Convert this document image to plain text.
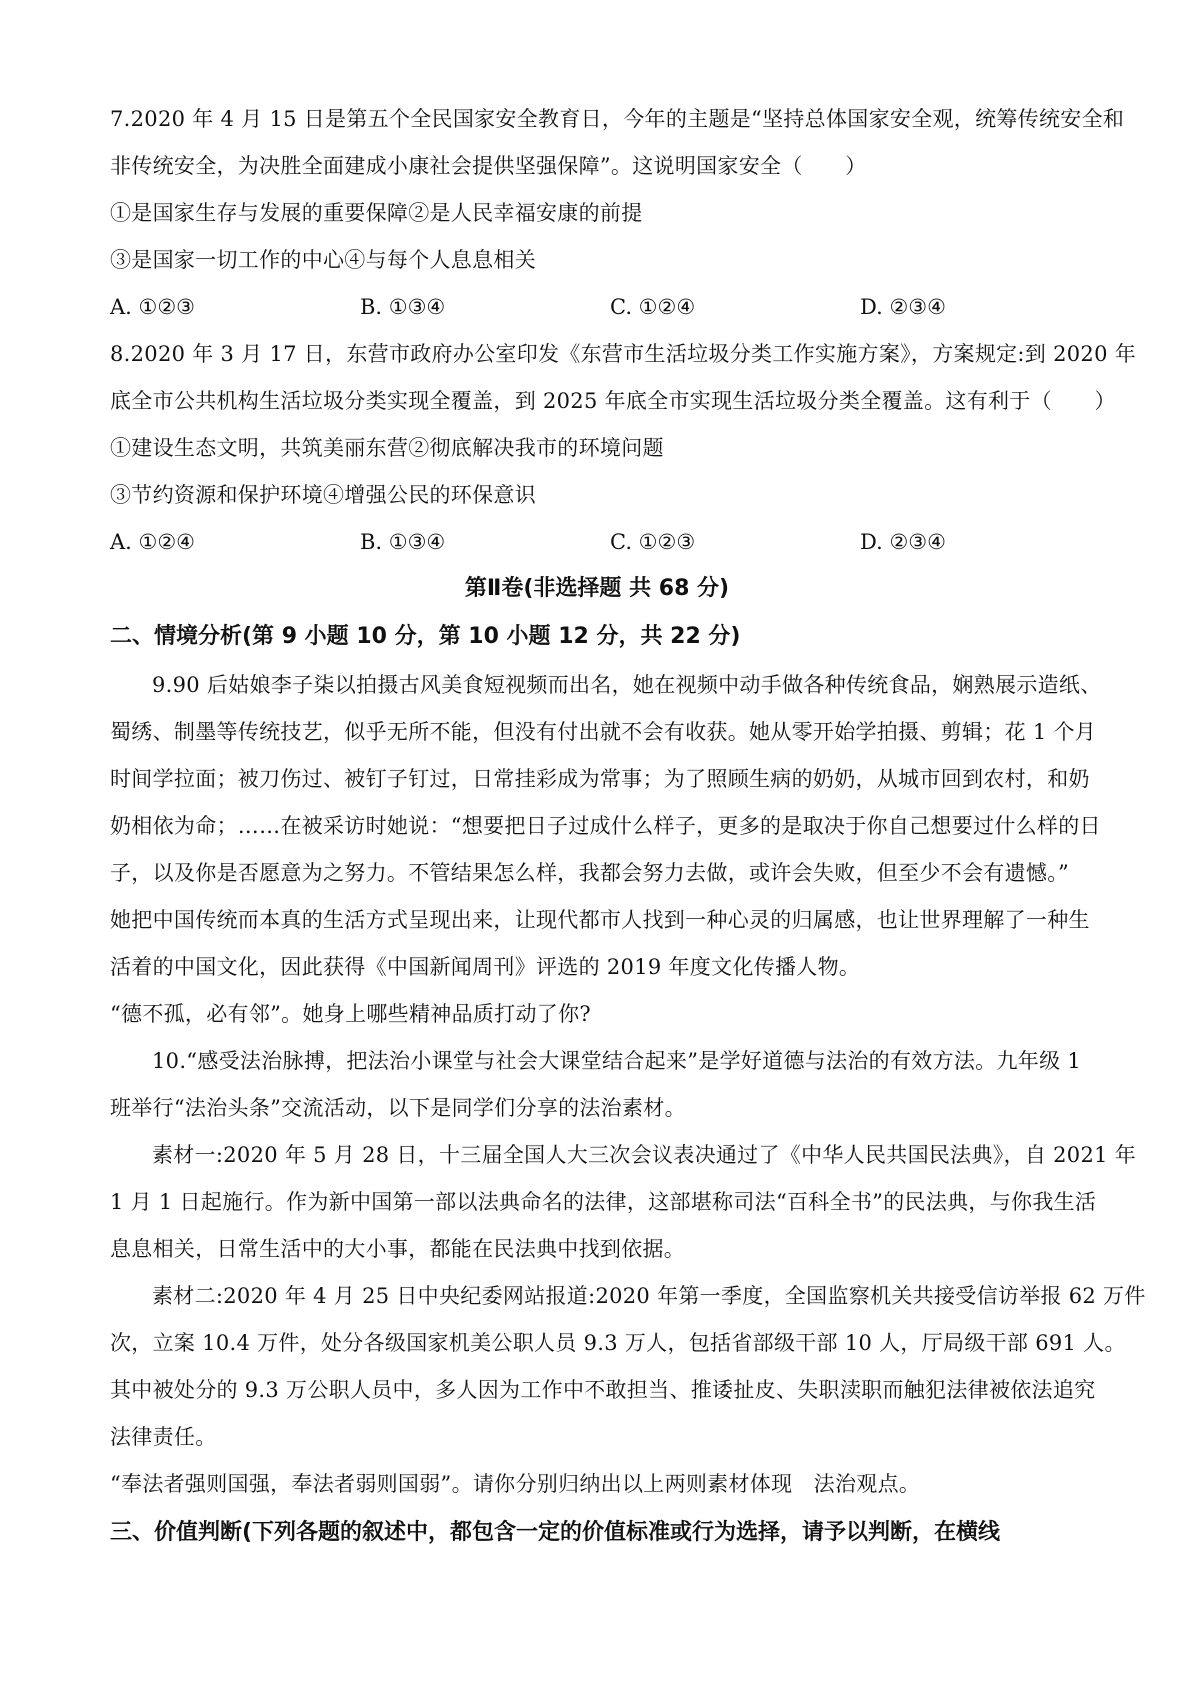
7.2020 年 4 月 15 日是第五个全民国家安全教育日，今年的主题是“坚持总体国家安全观，统筹传统安全和
非传统安全，为决胜全面建成小康社会提供坚强保障”。这说明国家安全（　　）
①是国家生存与发展的重要保障②是人民幸福安康的前提
③是国家一切工作的中心④与每个人息息相关
A. ①②③	B. ①③④	C. ①②④	D. ②③④
8.2020 年 3 月 17 日，东营市政府办公室印发《东营市生活垃圾分类工作实施方案》，方案规定:到 2020 年
底全市公共机构生活垃圾分类实现全覆盖，到 2025 年底全市实现生活垃圾分类全覆盖。这有利于（　　）
①建设生态文明，共筑美丽东营②彻底解决我市的环境问题
③节约资源和保护环境④增强公民的环保意识
A. ①②④	B. ①③④	C. ①②③	D. ②③④
第Ⅱ卷(非选择题 共 68 分)
二、情境分析(第 9 小题 10 分，第 10 小题 12 分，共 22 分)
9.90 后姑娘李子柒以拍摄古风美食短视频而出名，她在视频中动手做各种传统食品，娴熟展示造纸、
蜀绣、制墨等传统技艺，似乎无所不能，但没有付出就不会有收获。她从零开始学拍摄、剪辑；花 1 个月
时间学拉面；被刀伤过、被钉子钉过，日常挂彩成为常事；为了照顾生病的奶奶，从城市回到农村，和奶
奶相依为命；……在被采访时她说：“想要把日子过成什么样子，更多的是取决于你自己想要过什么样的日
子，以及你是否愿意为之努力。不管结果怎么样，我都会努力去做，或许会失败，但至少不会有遗憾。”
她把中国传统而本真的生活方式呈现出来，让现代都市人找到一种心灵的归属感，也让世界理解了一种生
活着的中国文化，因此获得《中国新闻周刊》评选的 2019 年度文化传播人物。
“德不孤，必有邻”。她身上哪些精神品质打动了你?
10.“感受法治脉搏，把法治小课堂与社会大课堂结合起来”是学好道德与法治的有效方法。九年级 1
班举行“法治头条”交流活动，以下是同学们分享的法治素材。
素材一:2020 年 5 月 28 日，十三届全国人大三次会议表决通过了《中华人民共国民法典》，自 2021 年
1 月 1 日起施行。作为新中国第一部以法典命名的法律，这部堪称司法“百科全书”的民法典，与你我生活
息息相关，日常生活中的大小事，都能在民法典中找到依据。
素材二:2020 年 4 月 25 日中央纪委网站报道:2020 年第一季度，全国监察机关共接受信访举报 62 万件
次，立案 10.4 万件，处分各级国家机美公职人员 9.3 万人，包括省部级干部 10 人，厅局级干部 691 人。
其中被处分的 9.3 万公职人员中，多人因为工作中不敢担当、推诿扯皮、失职渎职而触犯法律被依法追究
法律责任。
“奉法者强则国强，奉法者弱则国弱”。请你分别归纳出以上两则素材体现　法治观点。
三、价值判断(下列各题的叙述中，都包含一定的价值标准或行为选择，请予以判断，在横线
